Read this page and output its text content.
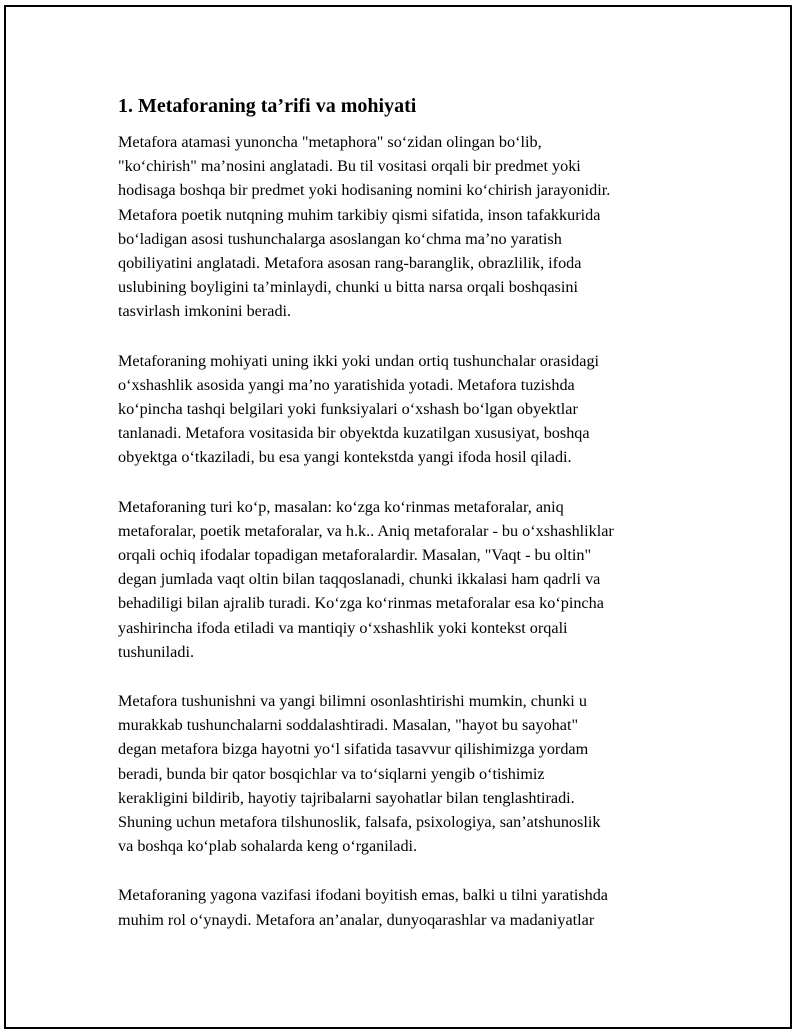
1. Metaforaning ta’rifi va mohiyati
Metafora atamasi yunoncha "metaphora" so‘zidan olingan bo‘lib,
"ko‘chirish" ma’nosini anglatadi. Bu til vositasi orqali bir predmet yoki
hodisaga boshqa bir predmet yoki hodisaning nomini ko‘chirish jarayonidir.
Metafora poetik nutqning muhim tarkibiy qismi sifatida, inson tafakkurida
bo‘ladigan asosi tushunchalarga asoslangan ko‘chma ma’no yaratish
qobiliyatini anglatadi. Metafora asosan rang-baranglik, obrazlilik, ifoda
uslubining boyligini ta’minlaydi, chunki u bitta narsa orqali boshqasini
tasvirlash imkonini beradi.
Metaforaning mohiyati uning ikki yoki undan ortiq tushunchalar orasidagi
o‘xshashlik asosida yangi ma’no yaratishida yotadi. Metafora tuzishda
ko‘pincha tashqi belgilari yoki funksiyalari o‘xshash bo‘lgan obyektlar
tanlanadi. Metafora vositasida bir obyektda kuzatilgan xususiyat, boshqa
obyektga o‘tkaziladi, bu esa yangi kontekstda yangi ifoda hosil qiladi.
Metaforaning turi ko‘p, masalan: ko‘zga ko‘rinmas metaforalar, aniq
metaforalar, poetik metaforalar, va h.k.. Aniq metaforalar - bu o‘xshashliklar
orqali ochiq ifodalar topadigan metaforalardir. Masalan, "Vaqt - bu oltin"
degan jumlada vaqt oltin bilan taqqoslanadi, chunki ikkalasi ham qadrli va
behadiligi bilan ajralib turadi. Ko‘zga ko‘rinmas metaforalar esa ko‘pincha
yashirincha ifoda etiladi va mantiqiy o‘xshashlik yoki kontekst orqali
tushuniladi.
Metafora tushunishni va yangi bilimni osonlashtirishi mumkin, chunki u
murakkab tushunchalarni soddalashtiradi. Masalan, "hayot bu sayohat"
degan metafora bizga hayotni yo‘l sifatida tasavvur qilishimizga yordam
beradi, bunda bir qator bosqichlar va to‘siqlarni yengib o‘tishimiz
kerakligini bildirib, hayotiy tajribalarni sayohatlar bilan tenglashtiradi.
Shuning uchun metafora tilshunoslik, falsafa, psixologiya, san’atshunoslik
va boshqa ko‘plab sohalarda keng o‘rganiladi.
Metaforaning yagona vazifasi ifodani boyitish emas, balki u tilni yaratishda
muhim rol o‘ynaydi. Metafora an’analar, dunyoqarashlar va madaniyatlar
